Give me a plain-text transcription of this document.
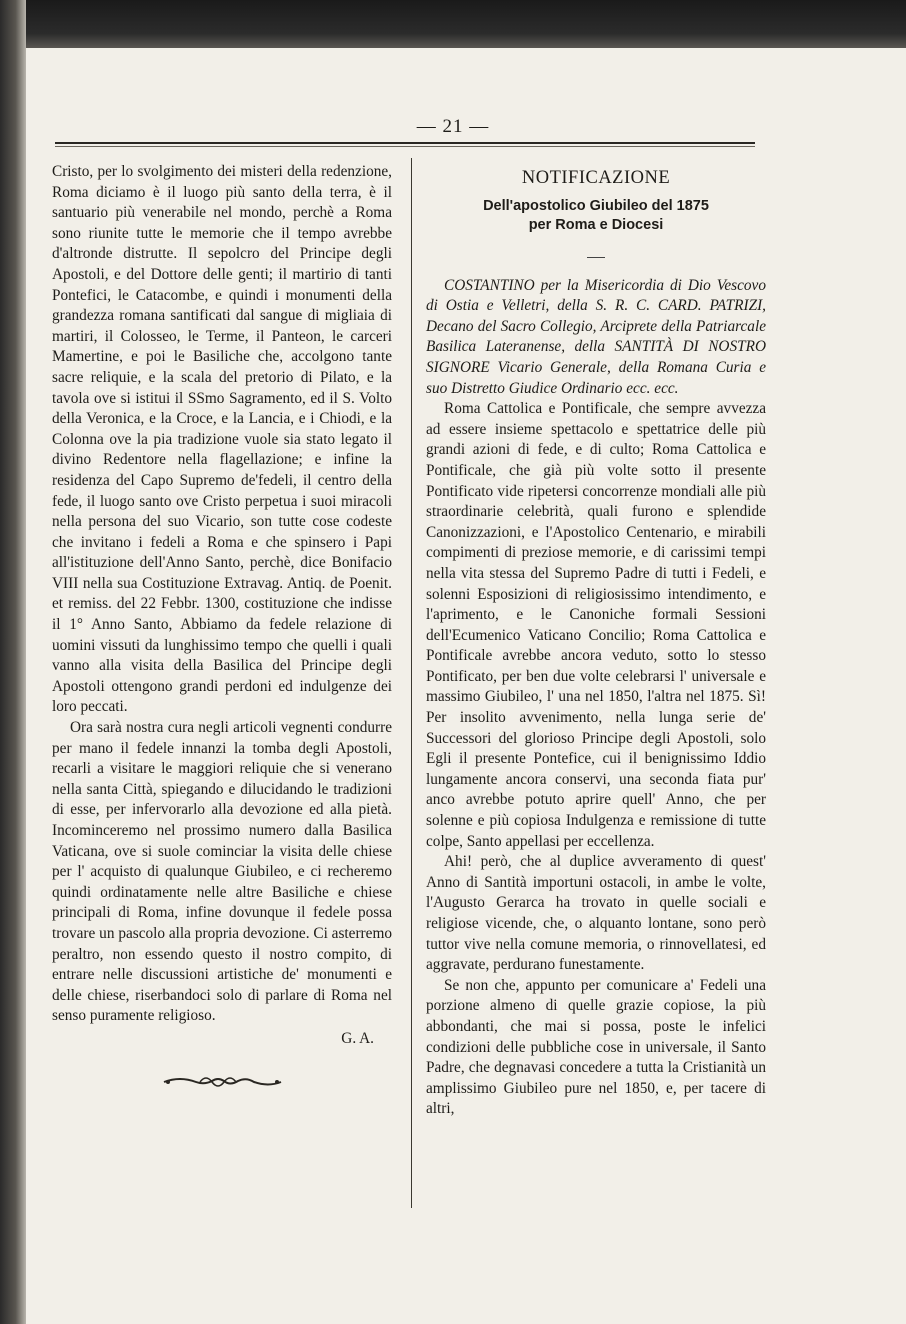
— 21 —

Cristo, per lo svolgimento dei misteri della redenzione, Roma diciamo è il luogo più santo della terra, è il santuario più venerabile nel mondo, perchè a Roma sono riunite tutte le memorie che il tempo avrebbe d'altronde distrutte. Il sepolcro del Principe degli Apostoli, e del Dottore delle genti; il martirio di tanti Pontefici, le Catacombe, e quindi i monumenti della grandezza romana santificati dal sangue di migliaia di martiri, il Colosseo, le Terme, il Panteon, le carceri Mamertine, e poi le Basiliche che, accolgono tante sacre reliquie, e la scala del pretorio di Pilato, e la tavola ove si istitui il SSmo Sagramento, ed il S. Volto della Veronica, e la Croce, e la Lancia, e i Chiodi, e la Colonna ove la pia tradizione vuole sia stato legato il divino Redentore nella flagellazione; e infine la residenza del Capo Supremo de'fedeli, il centro della fede, il luogo santo ove Cristo perpetua i suoi miracoli nella persona del suo Vicario, son tutte cose codeste che invitano i fedeli a Roma e che spinsero i Papi all'istituzione dell'Anno Santo, perchè, dice Bonifacio VIII nella sua Costituzione Extravag. Antiq. de Poenit. et remiss. del 22 Febbr. 1300, costituzione che indisse il 1° Anno Santo, Abbiamo da fedele relazione di uomini vissuti da lunghissimo tempo che quelli i quali vanno alla visita della Basilica del Principe degli Apostoli ottengono grandi perdoni ed indulgenze dei loro peccati.

Ora sarà nostra cura negli articoli vegnenti condurre per mano il fedele innanzi la tomba degli Apostoli, recarli a visitare le maggiori reliquie che si venerano nella santa Città, spiegando e dilucidando le tradizioni di esse, per infervorarlo alla devozione ed alla pietà. Incominceremo nel prossimo numero dalla Basilica Vaticana, ove si suole cominciar la visita delle chiese per l' acquisto di qualunque Giubileo, e ci recheremo quindi ordinatamente nelle altre Basiliche e chiese principali di Roma, infine dovunque il fedele possa trovare un pascolo alla propria devozione. Ci asterremo peraltro, non essendo questo il nostro compito, di entrare nelle discussioni artistiche de' monumenti e delle chiese, riserbandoci solo di parlare di Roma nel senso puramente religioso.

G. A.
NOTIFICAZIONE
Dell'apostolico Giubileo del 1875
per Roma e Diocesi

COSTANTINO per la Misericordia di Dio Vescovo di Ostia e Velletri, della S. R. C. CARD. PATRIZI, Decano del Sacro Collegio, Arciprete della Patriarcale Basilica Lateranense, della SANTITÀ DI NOSTRO SIGNORE Vicario Generale, della Romana Curia e suo Distretto Giudice Ordinario ecc. ecc.

Roma Cattolica e Pontificale, che sempre avvezza ad essere insieme spettacolo e spettatrice delle più grandi azioni di fede, e di culto; Roma Cattolica e Pontificale, che già più volte sotto il presente Pontificato vide ripetersi concorrenze mondiali alle più straordinarie celebrità, quali furono e splendide Canonizzazioni, e l'Apostolico Centenario, e mirabili compimenti di preziose memorie, e di carissimi tempi nella vita stessa del Supremo Padre di tutti i Fedeli, e solenni Esposizioni di religiosissimo intendimento, e l'aprimento, e le Canoniche formali Sessioni dell'Ecumenico Vaticano Concilio; Roma Cattolica e Pontificale avrebbe ancora veduto, sotto lo stesso Pontificato, per ben due volte celebrarsi l' universale e massimo Giubileo, l' una nel 1850, l'altra nel 1875. Sì! Per insolito avvenimento, nella lunga serie de' Successori del glorioso Principe degli Apostoli, solo Egli il presente Pontefice, cui il benignissimo Iddio lungamente ancora conservi, una seconda fiata pur' anco avrebbe potuto aprire quell' Anno, che per solenne e più copiosa Indulgenza e remissione di tutte colpe, Santo appellasi per eccellenza.

Ahi! però, che al duplice avveramento di quest' Anno di Santità importuni ostacoli, in ambe le volte, l'Augusto Gerarca ha trovato in quelle sociali e religiose vicende, che, o alquanto lontane, sono però tuttor vive nella comune memoria, o rinnovellatesi, ed aggravate, perdurano funestamente.

Se non che, appunto per comunicare a' Fedeli una porzione almeno di quelle grazie copiose, la più abbondanti, che mai si possa, poste le infelici condizioni delle pubbliche cose in universale, il Santo Padre, che degnavasi concedere a tutta la Cristianità un amplissimo Giubileo pure nel 1850, e, per tacere di altri,
